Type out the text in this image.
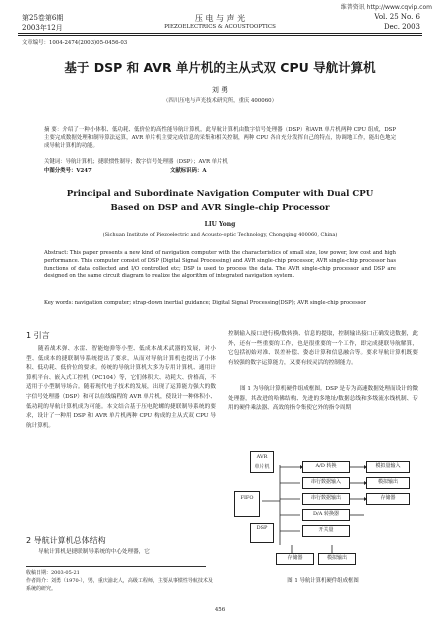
维普资讯 http://www.cqvip.com
第25卷第6期
2003年12月
压 电 与 声 光
PIEZOELECTRICS & ACOUSTOOPTICS
Vol. 25 No. 6
Dec. 2003
文章编号：1004-2474(2003)05-0456-03
基于 DSP 和 AVR 单片机的主从式双 CPU 导航计算机
刘 勇
（四川压电与声光技术研究所，重庆 400060）
摘 要：介绍了一种小体积、低功耗、低价位的高性能导航计算机，此导航计算机由数字信号处理器（DSP）和AVR 单片机两种 CPU 组成，DSP 主要完成数据处理和制导算法运算，AVR 单片机主要完成信息的采集和相关控制，两种 CPU 各自充分发挥自己的特点，协调地工作，能出色地完成导航计算机的功能。
关键词：导航计算机；捷联惯性制导；数字信号处理器（DSP）；AVR 单片机
中图分类号：V247	文献标识码：A
Principal and Subordinate Navigation Computer with Dual CPU
Based on DSP and AVR Single-chip Processor
LIU Yong
(Sichuan Institute of Piezoelectric and Acousto-optic Technology, Chongqing 400060, China)
Abstract: This paper presents a new kind of navigation computer with the characteristics of small size, low power, low cost and high performance. This computer consist of DSP (Digital Signal Processing) and AVR single-chip processor, AVR single-chip processor has functions of data collected and I/O controlled etc; DSP is used to process the data. The AVR single-chip processor and DSP are designed on the same circuit diagram to realize the algorithm of integrated navigation system.
Key words: navigation computer; strap-down inertial guidance; Digital Signal Processing(DSP); AVR single-chip processor
1 引言
随着战术弹、水雷、智能炮弹等小型、低成本战术武器的发展，对小型、低成本的捷联制导系统提出了要求，从而对导航计算机也提出了小体积、低功耗、低价位的要求。传统的导航计算机大多为专用计算机、通用计算机平台、嵌入式工控机（PC104）等，它们体积大、功耗大、价格高，不适用于小型制导场合。随着现代电子技术的发展，出现了运算能力强大的数字信号处理器（DSP）和可以在线编程的 AVR 单片机，使设计一种体积小、低功耗的导航计算机成为可能。本文结合基于压电陀螺的捷联制导系统的要求，设计了一种用 DSP 和 AVR 单片机两种 CPU 构成的主从式双 CPU 导航计算机。
2 导航计算机总体结构
导航计算机是捷联制导系统的中心处理器，它
收稿日期：2003-05-21
作者简介：刘勇（1970-），男，重庆渝北人，高级工程师，主要从事惯性导航技术及系统的研究。
控制输入接口进行模/数转换、信息的提取，控制输出接口正确发送数据，此外，还有一些重要的工作，也是很重要的一个工作，即完成捷联导航解算，它包括初始对准、误差补偿、姿态计算和信息融合等。要求导航计算机既要有较强的数字运算能力，又要有较灵活的控制能力。
图 1 为导航计算机硬件组成框图。DSP 是专为高速数据处理而设计的微处理器，其改进的哈佛结构、先进的多地址/数据总线和多级流水线机制、专用的硬件乘法器、高效的指令集使它外的指令周期
AVR
单片机
FIFO
A/D 转换
串行数据输入
串行数据输出
D/A 转换器
开关量
DSP
模拟量输入
模拟输出
存储器
存储器	模拟输出
图 1 导航计算机硬件组成框图
456
